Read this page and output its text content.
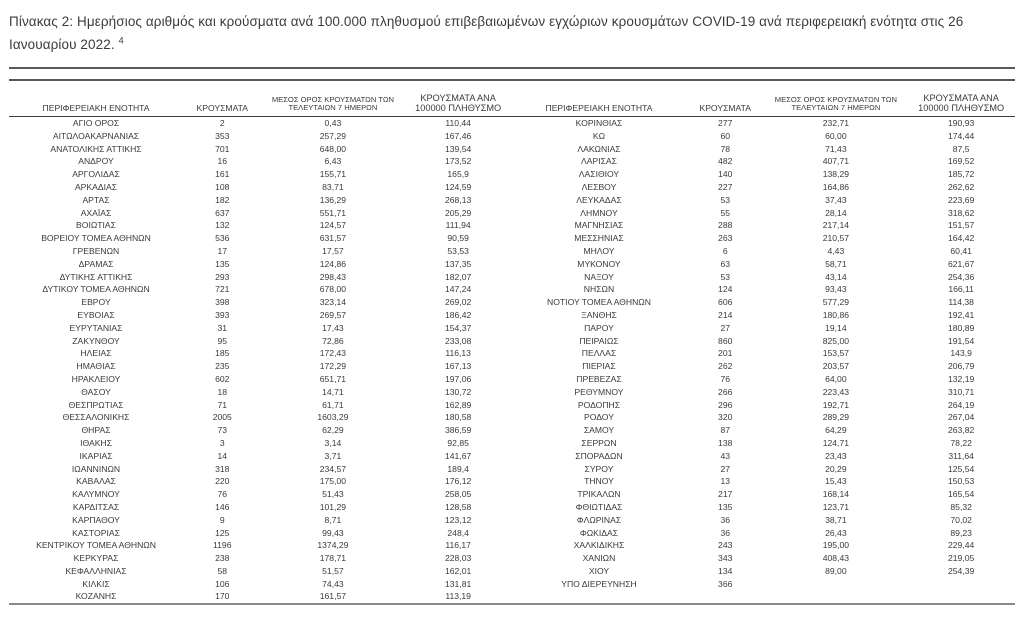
Πίνακας 2: Ημερήσιος αριθμός και κρούσματα ανά 100.000 πληθυσμού επιβεβαιωμένων εγχώριων κρουσμάτων COVID-19 ανά περιφερειακή ενότητα στις 26 Ιανουαρίου 2022. $^4$

ΠΕΡΙΦΕΡΕΙΑΚΗ ΕΝΟΤΗΤΑ	ΚΡΟΥΣΜΑΤΑ	ΜΕΣΟΣ ΟΡΟΣ ΚΡΟΥΣΜΑΤΩΝ ΤΩΝ ΤΕΛΕΥΤΑΙΩΝ 7 ΗΜΕΡΩΝ	ΚΡΟΥΣΜΑΤΑ ΑΝΑ 100000 ΠΛΗΘΥΣΜΟ	ΠΕΡΙΦΕΡΕΙΑΚΗ ΕΝΟΤΗΤΑ	ΚΡΟΥΣΜΑΤΑ	ΜΕΣΟΣ ΟΡΟΣ ΚΡΟΥΣΜΑΤΩΝ ΤΩΝ ΤΕΛΕΥΤΑΙΩΝ 7 ΗΜΕΡΩΝ	ΚΡΟΥΣΜΑΤΑ ΑΝΑ 100000 ΠΛΗΘΥΣΜΟ
ΑΓΙΟ ΟΡΟΣ	2	0,43	110,44	ΚΟΡΙΝΘΙΑΣ	277	232,71	190,93
ΑΙΤΩΛΟΑΚΑΡΝΑΝΙΑΣ	353	257,29	167,46	ΚΩ	60	60,00	174,44
ΑΝΑΤΟΛΙΚΗΣ ΑΤΤΙΚΗΣ	701	648,00	139,54	ΛΑΚΩΝΙΑΣ	78	71,43	87,5
ΑΝΔΡΟΥ	16	6,43	173,52	ΛΑΡΙΣΑΣ	482	407,71	169,52
ΑΡΓΟΛΙΔΑΣ	161	155,71	165,9	ΛΑΣΙΘΙΟΥ	140	138,29	185,72
ΑΡΚΑΔΙΑΣ	108	83,71	124,59	ΛΕΣΒΟΥ	227	164,86	262,62
ΑΡΤΑΣ	182	136,29	268,13	ΛΕΥΚΑΔΑΣ	53	37,43	223,69
ΑΧΑΪΑΣ	637	551,71	205,29	ΛΗΜΝΟΥ	55	28,14	318,62
ΒΟΙΩΤΙΑΣ	132	124,57	111,94	ΜΑΓΝΗΣΙΑΣ	288	217,14	151,57
ΒΟΡΕΙΟΥ ΤΟΜΕΑ ΑΘΗΝΩΝ	536	631,57	90,59	ΜΕΣΣΗΝΙΑΣ	263	210,57	164,42
ΓΡΕΒΕΝΩΝ	17	17,57	53,53	ΜΗΛΟΥ	6	4,43	60,41
ΔΡΑΜΑΣ	135	124,86	137,35	ΜΥΚΟΝΟΥ	63	58,71	621,67
ΔΥΤΙΚΗΣ ΑΤΤΙΚΗΣ	293	298,43	182,07	ΝΑΞΟΥ	53	43,14	254,36
ΔΥΤΙΚΟΥ ΤΟΜΕΑ ΑΘΗΝΩΝ	721	678,00	147,24	ΝΗΣΩΝ	124	93,43	166,11
ΕΒΡΟΥ	398	323,14	269,02	ΝΟΤΙΟΥ ΤΟΜΕΑ ΑΘΗΝΩΝ	606	577,29	114,38
ΕΥΒΟΙΑΣ	393	269,57	186,42	ΞΑΝΘΗΣ	214	180,86	192,41
ΕΥΡΥΤΑΝΙΑΣ	31	17,43	154,37	ΠΑΡΟΥ	27	19,14	180,89
ΖΑΚΥΝΘΟΥ	95	72,86	233,08	ΠΕΙΡΑΙΩΣ	860	825,00	191,54
ΗΛΕΙΑΣ	185	172,43	116,13	ΠΕΛΛΑΣ	201	153,57	143,9
ΗΜΑΘΙΑΣ	235	172,29	167,13	ΠΙΕΡΙΑΣ	262	203,57	206,79
ΗΡΑΚΛΕΙΟΥ	602	651,71	197,06	ΠΡΕΒΕΖΑΣ	76	64,00	132,19
ΘΑΣΟΥ	18	14,71	130,72	ΡΕΘΥΜΝΟΥ	266	223,43	310,71
ΘΕΣΠΡΩΤΙΑΣ	71	61,71	162,89	ΡΟΔΟΠΗΣ	296	192,71	264,19
ΘΕΣΣΑΛΟΝΙΚΗΣ	2005	1603,29	180,58	ΡΟΔΟΥ	320	289,29	267,04
ΘΗΡΑΣ	73	62,29	386,59	ΣΑΜΟΥ	87	64,29	263,82
ΙΘΑΚΗΣ	3	3,14	92,85	ΣΕΡΡΩΝ	138	124,71	78,22
ΙΚΑΡΙΑΣ	14	3,71	141,67	ΣΠΟΡΑΔΩΝ	43	23,43	311,64
ΙΩΑΝΝΙΝΩΝ	318	234,57	189,4	ΣΥΡΟΥ	27	20,29	125,54
ΚΑΒΑΛΑΣ	220	175,00	176,12	ΤΗΝΟΥ	13	15,43	150,53
ΚΑΛΥΜΝΟΥ	76	51,43	258,05	ΤΡΙΚΑΛΩΝ	217	168,14	165,54
ΚΑΡΔΙΤΣΑΣ	146	101,29	128,58	ΦΘΙΩΤΙΔΑΣ	135	123,71	85,32
ΚΑΡΠΑΘΟΥ	9	8,71	123,12	ΦΛΩΡΙΝΑΣ	36	38,71	70,02
ΚΑΣΤΟΡΙΑΣ	125	99,43	248,4	ΦΩΚΙΔΑΣ	36	26,43	89,23
ΚΕΝΤΡΙΚΟΥ ΤΟΜΕΑ ΑΘΗΝΩΝ	1196	1374,29	116,17	ΧΑΛΚΙΔΙΚΗΣ	243	195,00	229,44
ΚΕΡΚΥΡΑΣ	238	178,71	228,03	ΧΑΝΙΩΝ	343	408,43	219,05
ΚΕΦΑΛΛΗΝΙΑΣ	58	51,57	162,01	ΧΙΟΥ	134	89,00	254,39
ΚΙΛΚΙΣ	106	74,43	131,81	ΥΠΟ ΔΙΕΡΕΥΝΗΣΗ	366		
ΚΟΖΑΝΗΣ	170	161,57	113,19				
